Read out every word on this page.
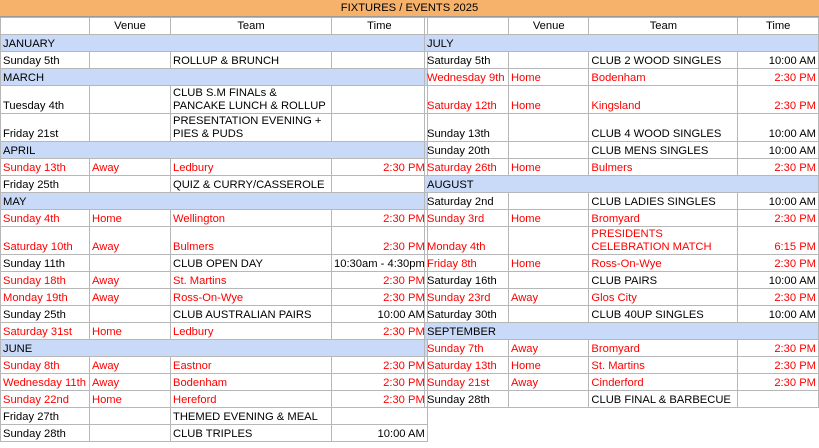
FIXTURES / EVENTS 2025
	Venue	Team	Time
JANUARY			
Sunday 5th		ROLLUP & BRUNCH	
MARCH			
Tuesday 4th		CLUB S.M FINALs & PANCAKE LUNCH & ROLLUP	
Friday 21st		PRESENTATION EVENING + PIES & PUDS	
APRIL			
Sunday 13th	Away	Ledbury	2:30 PM
Friday 25th		QUIZ & CURRY/CASSEROLE	
MAY			
Sunday 4th	Home	Wellington	2:30 PM
Saturday 10th	Away	Bulmers	2:30 PM
Sunday 11th		CLUB OPEN DAY	10:30am - 4:30pm
Sunday 18th	Away	St. Martins	2:30 PM
Monday 19th	Away	Ross-On-Wye	2:30 PM
Sunday 25th		CLUB AUSTRALIAN PAIRS	10:00 AM
Saturday 31st	Home	Ledbury	2:30 PM
JUNE			
Sunday 8th	Away	Eastnor	2:30 PM
Wednesday 11th	Away	Bodenham	2:30 PM
Sunday 22nd	Home	Hereford	2:30 PM
Friday 27th		THEMED EVENING & MEAL	
Sunday 28th		CLUB TRIPLES	10:00 AM
	Venue	Team	Time
JULY			
Saturday 5th		CLUB 2 WOOD SINGLES	10:00 AM
Wednesday 9th	Home	Bodenham	2:30 PM
Saturday 12th	Home	Kingsland	2:30 PM
Sunday 13th		CLUB 4 WOOD SINGLES	10:00 AM
Sunday 20th		CLUB MENS SINGLES	10:00 AM
Saturday 26th	Home	Bulmers	2:30 PM
AUGUST			
Saturday 2nd		CLUB LADIES SINGLES	10:00 AM
Sunday 3rd	Home	Bromyard	2:30 PM
Monday 4th		PRESIDENTS CELEBRATION MATCH	6:15 PM
Friday 8th	Home	Ross-On-Wye	2:30 PM
Saturday 16th		CLUB PAIRS	10:00 AM
Sunday 23rd	Away	Glos City	2:30 PM
Saturday 30th		CLUB 40UP SINGLES	10:00 AM
SEPTEMBER			
Sunday 7th	Away	Bromyard	2:30 PM
Saturday 13th	Home	St. Martins	2:30 PM
Sunday 21st	Away	Cinderford	2:30 PM
Sunday 28th		CLUB FINAL & BARBECUE	
